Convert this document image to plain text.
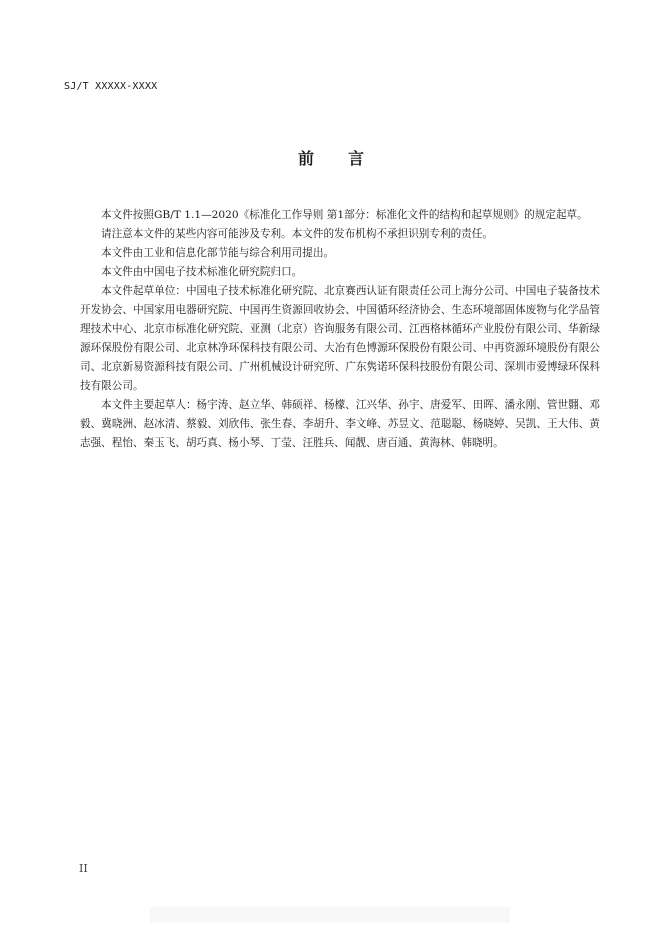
SJ/T XXXXX-XXXX
前言

本文件按照GB/T 1.1—2020《标准化工作导则 第1部分：标准化文件的结构和起草规则》的规定起草。

请注意本文件的某些内容可能涉及专利。本文件的发布机构不承担识别专利的责任。

本文件由工业和信息化部节能与综合利用司提出。

本文件由中国电子技术标准化研究院归口。

本文件起草单位：中国电子技术标准化研究院、北京赛西认证有限责任公司上海分公司、中国电子装备技术开发协会、中国家用电器研究院、中国再生资源回收协会、中国循环经济协会、生态环境部固体废物与化学品管理技术中心、北京市标准化研究院、亚测（北京）咨询服务有限公司、江西格林循环产业股份有限公司、华新绿源环保股份有限公司、北京林净环保科技有限公司、大冶有色博源环保股份有限公司、中再资源环境股份有限公司、北京新易资源科技有限公司、广州机械设计研究所、广东隽诺环保科技股份有限公司、深圳市爱博绿环保科技有限公司。

本文件主要起草人：杨宇涛、赵立华、韩硕祥、杨檬、江兴华、孙宇、唐爱军、田晖、潘永刚、管世翾、邓毅、冀晓洲、赵冰清、蔡毅、刘欣伟、张生春、李胡升、李文峰、苏昱文、范聪聪、杨晓婷、吴凯、王大伟、黄志强、程怡、秦玉飞、胡巧真、杨小琴、丁莹、汪胜兵、闻靓、唐百通、黄海林、韩晓明。

II
